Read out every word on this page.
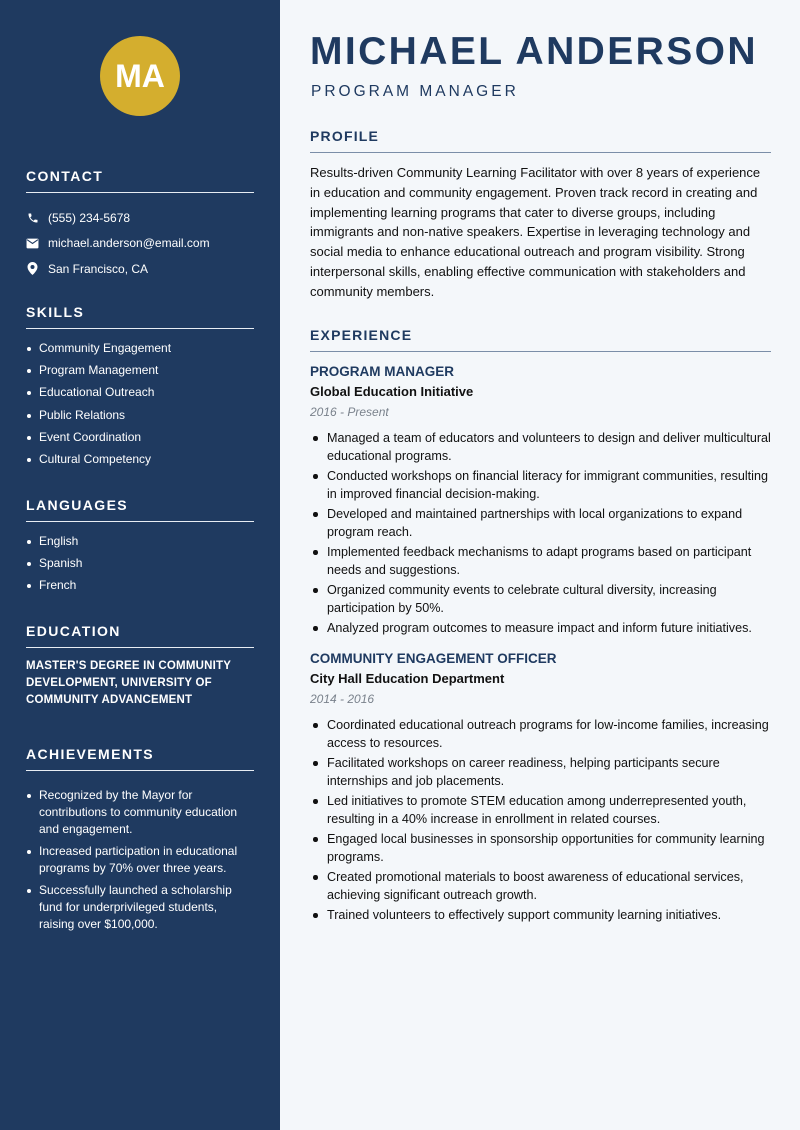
MA
CONTACT
(555) 234-5678
michael.anderson@email.com
San Francisco, CA
SKILLS
Community Engagement
Program Management
Educational Outreach
Public Relations
Event Coordination
Cultural Competency
LANGUAGES
English
Spanish
French
EDUCATION

MASTER'S DEGREE IN COMMUNITY DEVELOPMENT, UNIVERSITY OF COMMUNITY ADVANCEMENT

ACHIEVEMENTS
Recognized by the Mayor for contributions to community education and engagement.
Increased participation in educational programs by 70% over three years.
Successfully launched a scholarship fund for underprivileged students, raising over $100,000.
MICHAEL ANDERSON
PROGRAM MANAGER
PROFILE

Results-driven Community Learning Facilitator with over 8 years of experience in education and community engagement. Proven track record in creating and implementing learning programs that cater to diverse groups, including immigrants and non-native speakers. Expertise in leveraging technology and social media to enhance educational outreach and program visibility. Strong interpersonal skills, enabling effective communication with stakeholders and community members.

EXPERIENCE
PROGRAM MANAGER
Global Education Initiative
2016 - Present
Managed a team of educators and volunteers to design and deliver multicultural educational programs.
Conducted workshops on financial literacy for immigrant communities, resulting in improved financial decision-making.
Developed and maintained partnerships with local organizations to expand program reach.
Implemented feedback mechanisms to adapt programs based on participant needs and suggestions.
Organized community events to celebrate cultural diversity, increasing participation by 50%.
Analyzed program outcomes to measure impact and inform future initiatives.
COMMUNITY ENGAGEMENT OFFICER
City Hall Education Department
2014 - 2016
Coordinated educational outreach programs for low-income families, increasing access to resources.
Facilitated workshops on career readiness, helping participants secure internships and job placements.
Led initiatives to promote STEM education among underrepresented youth, resulting in a 40% increase in enrollment in related courses.
Engaged local businesses in sponsorship opportunities for community learning programs.
Created promotional materials to boost awareness of educational services, achieving significant outreach growth.
Trained volunteers to effectively support community learning initiatives.
